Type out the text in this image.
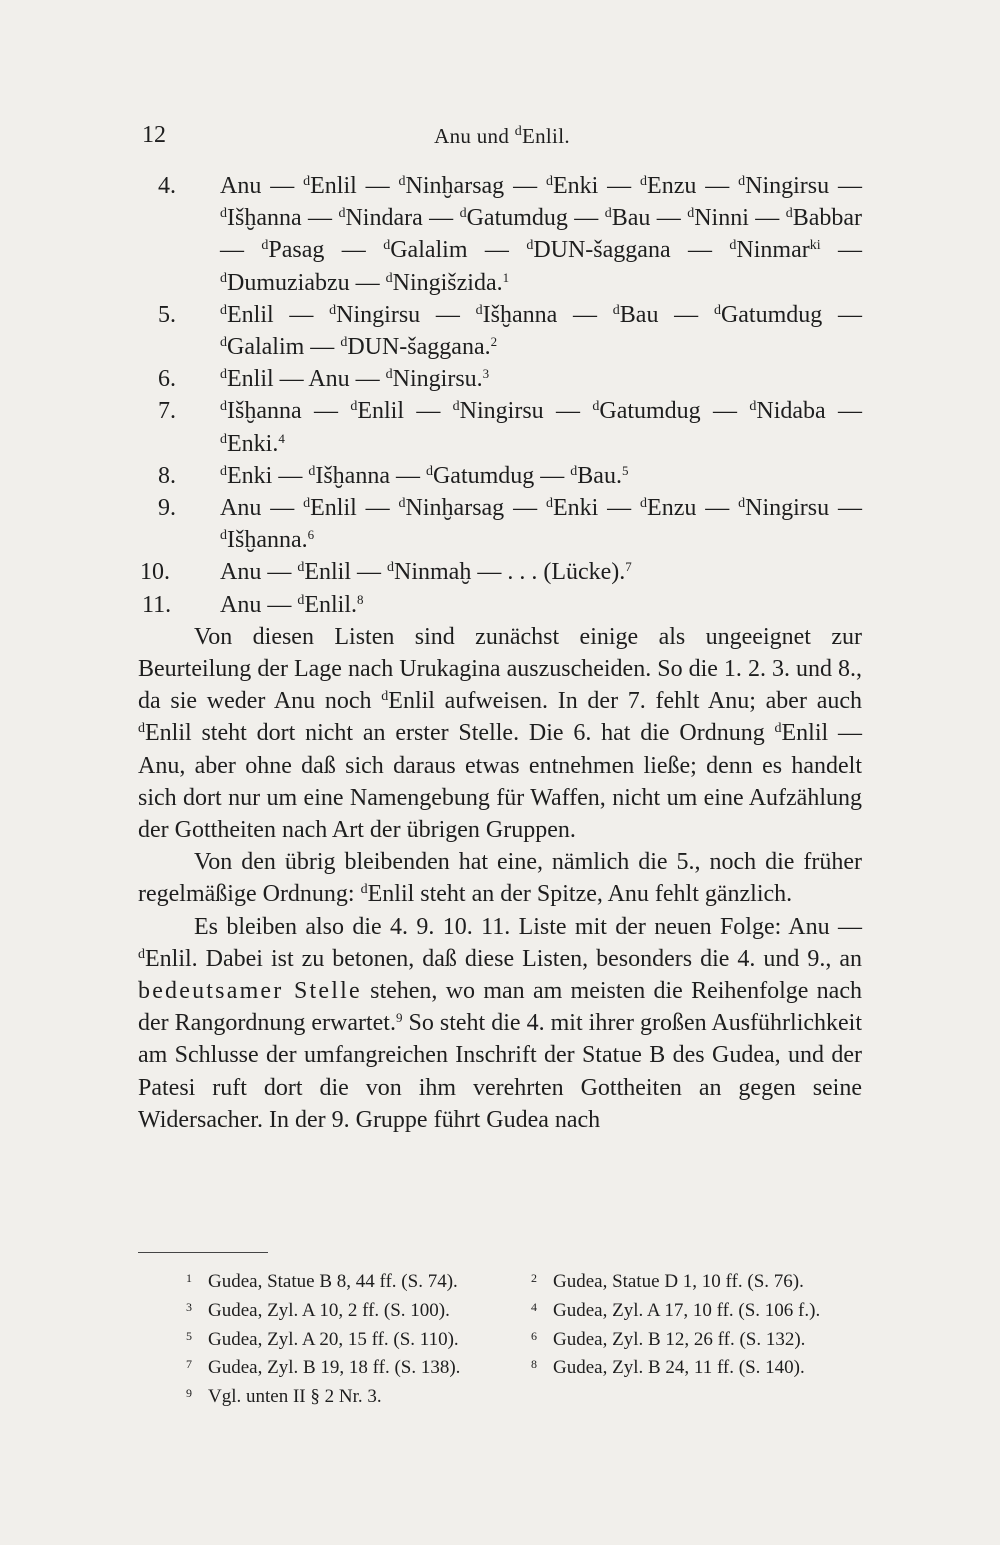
12	Anu und $^d$Enlil.
4. Anu — $^d$Enlil — $^d$Ninḫarsag — $^d$Enki — $^d$Enzu — $^d$Ningirsu — $^d$Išḫanna — $^d$Nindara — $^d$Gatumdug — $^d$Bau — $^d$Ninni — $^d$Babbar — $^d$Pasag — $^d$Galalim — $^d$DUN-šaggana — $^d$Ninmar$^{ki}$ — $^d$Dumuziabzu — $^d$Ningišzida.$^1$
5.	$^d$Enlil — $^d$Ningirsu — $^d$Išḫanna — $^d$Bau — $^d$Gatumdug — $^d$Galalim — $^d$DUN-šaggana.$^2$
6.	$^d$Enlil — Anu — $^d$Ningirsu.$^3$
7.	$^d$Išḫanna — $^d$Enlil — $^d$Ningirsu — $^d$Gatumdug — $^d$Nidaba — $^d$Enki.$^4$
8.	$^d$Enki — $^d$Išḫanna — $^d$Gatumdug — $^d$Bau.$^5$
9. Anu — $^d$Enlil — $^d$Ninḫarsag — $^d$Enki — $^d$Enzu — $^d$Ningirsu — $^d$Išḫanna.$^6$
10. Anu — $^d$Enlil — $^d$Ninmaḫ — . . . (Lücke).$^7$
11. Anu — $^d$Enlil.$^8$
Von diesen Listen sind zunächst einige als ungeeignet zur Beurteilung der Lage nach Urukagina auszuscheiden. So die 1. 2. 3. und 8., da sie weder Anu noch $^d$Enlil aufweisen. In der 7. fehlt Anu; aber auch $^d$Enlil steht dort nicht an erster Stelle. Die 6. hat die Ordnung $^d$Enlil — Anu, aber ohne daß sich daraus etwas entnehmen ließe; denn es handelt sich dort nur um eine Namengebung für Waffen, nicht um eine Aufzählung der Gottheiten nach Art der übrigen Gruppen.
Von den übrig bleibenden hat eine, nämlich die 5., noch die früher regelmäßige Ordnung: $^d$Enlil steht an der Spitze, Anu fehlt gänzlich.
Es bleiben also die 4. 9. 10. 11. Liste mit der neuen Folge: Anu — $^d$Enlil. Dabei ist zu betonen, daß diese Listen, besonders die 4. und 9., an bedeutsamer Stelle stehen, wo man am meisten die Reihenfolge nach der Rangordnung erwartet.$^9$ So steht die 4. mit ihrer großen Ausführlichkeit am Schlusse der umfangreichen Inschrift der Statue B des Gudea, und der Patesi ruft dort die von ihm verehrten Gottheiten an gegen seine Widersacher. In der 9. Gruppe führt Gudea nach
1 Gudea, Statue B 8, 44 ff. (S. 74).	2 Gudea, Statue D 1, 10 ff. (S. 76).
3 Gudea, Zyl. A 10, 2 ff. (S. 100).	4 Gudea, Zyl. A 17, 10 ff. (S. 106 f.).
5 Gudea, Zyl. A 20, 15 ff. (S. 110).	6 Gudea, Zyl. B 12, 26 ff. (S. 132).
7 Gudea, Zyl. B 19, 18 ff. (S. 138).	8 Gudea, Zyl. B 24, 11 ff. (S. 140).
9 Vgl. unten II § 2 Nr. 3.
